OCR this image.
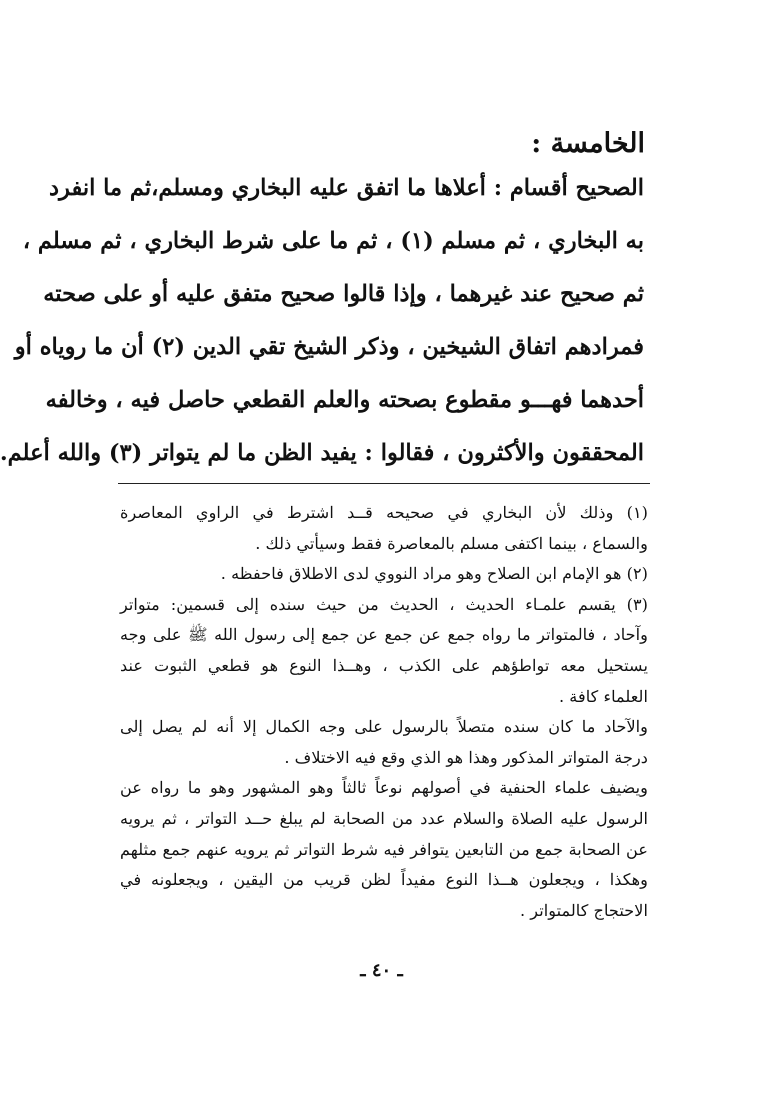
الخامسة :
الصحيح أقسام : أعلاها ما اتفق عليه البخاري ومسلم،ثم ما انفرد
به البخاري ، ثم مسلم (١) ، ثم ما على شرط البخاري ، ثم مسلم ،
ثم صحيح عند غيرهما ، وإذا قالوا صحيح متفق عليه أو على صحته
فمرادهم اتفاق الشيخين ، وذكر الشيخ تقي الدين (٢) أن ما روياه أو
أحدهما فهـــو مقطوع بصحته والعلم القطعي حاصل فيه ، وخالفه
المحققون والأكثرون ، فقالوا : يفيد الظن ما لم يتواتر (٣) والله أعلم.
(١) وذلك لأن البخاري في صحيحه قــد اشترط في الراوي المعاصرة
والسماع ، بينما اكتفى مسلم بالمعاصرة فقط وسيأتي ذلك .
(٢) هو الإمام ابن الصلاح وهو مراد النووي لدى الاطلاق فاحفظه .
(٣) يقسم علمـاء الحديث ، الحديث من حيث سنده إلى قسمين: متواتر
وآحاد ، فالمتواتر ما رواه جمع عن جمع عن جمع إلى رسول الله ﷺ على وجه
يستحيل معه تواطؤهم على الكذب ، وهــذا النوع هو قطعي الثبوت عند
العلماء كافة .
والآحاد ما كان سنده متصلاً بالرسول على وجه الكمال إلا أنه لم يصل إلى
درجة المتواتر المذكور وهذا هو الذي وقع فيه الاختلاف .
ويضيف علماء الحنفية في أصولهم نوعاً ثالثاً وهو المشهور وهو ما رواه عن
الرسول عليه الصلاة والسلام عدد من الصحابة لم يبلغ حــد التواتر ، ثم يرويه
عن الصحابة جمع من التابعين يتوافر فيه شرط التواتر ثم يرويه عنهم جمع مثلهم
وهكذا ، ويجعلون هــذا النوع مفيداً لظن قريب من اليقين ، ويجعلونه في
الاحتجاج كالمتواتر .
ـ ٤٠ ـ
